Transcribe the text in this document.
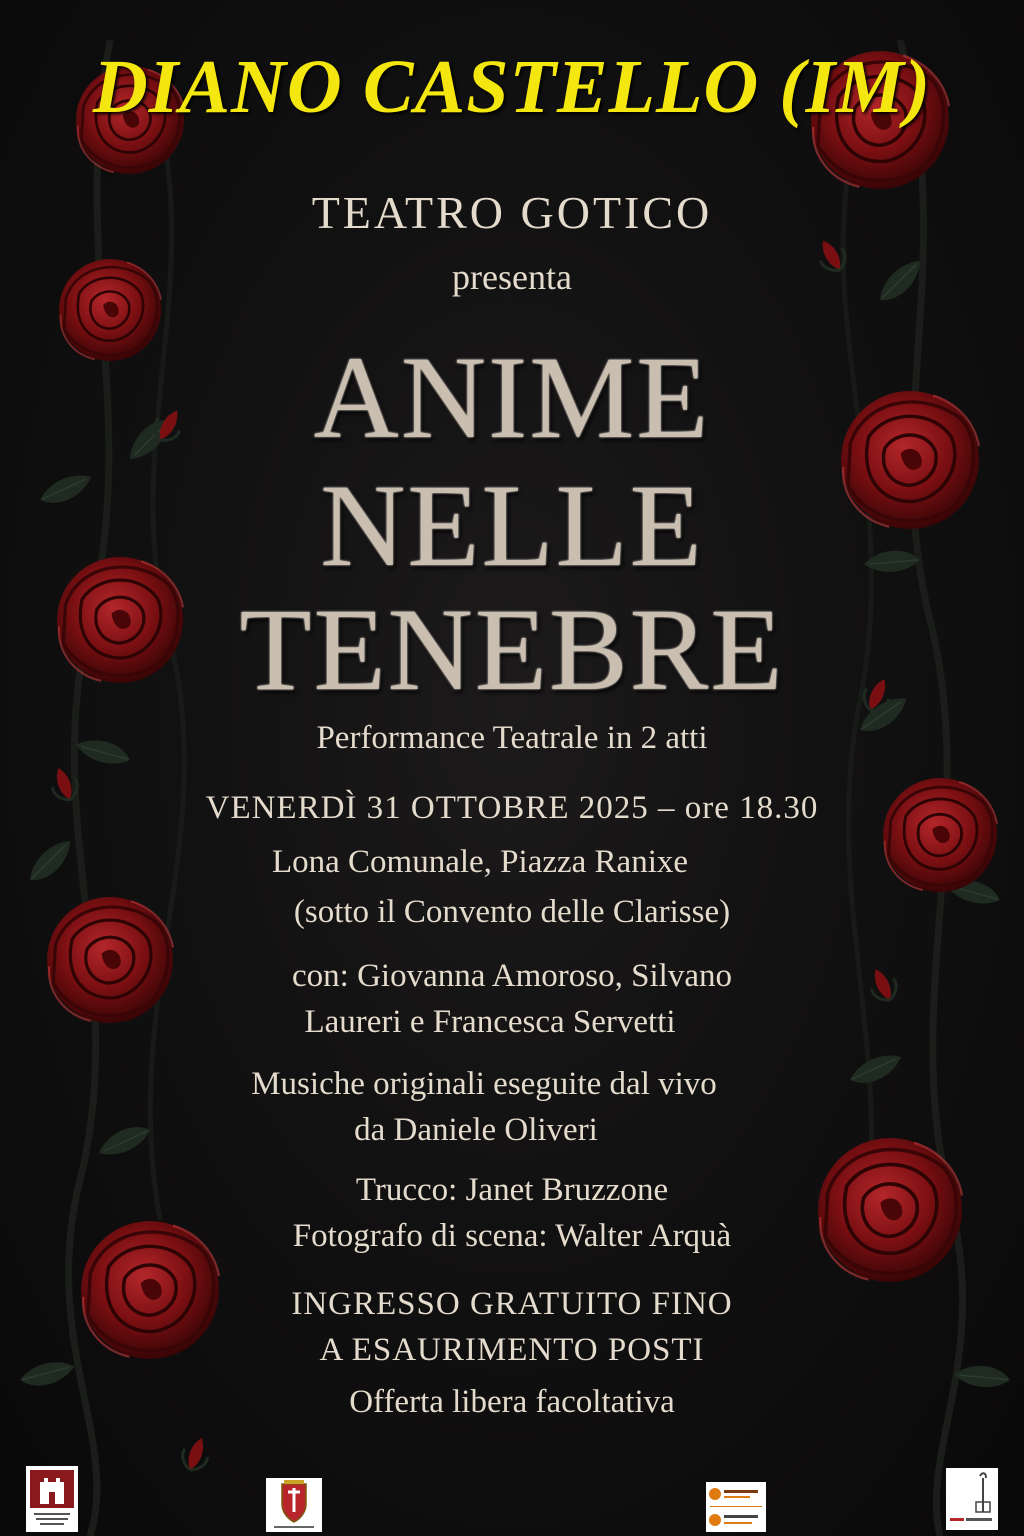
DIANO CASTELLO (IM)
TEATRO GOTICO
presenta
ANIME
NELLE
TENEBRE
Performance Teatrale in 2 atti
VENERDÌ 31 OTTOBRE 2025 – ore 18.30
Lona Comunale, Piazza Ranixe
(sotto il Convento delle Clarisse)
con: Giovanna Amoroso, Silvano
Laureri e Francesca Servetti
Musiche originali eseguite dal vivo
da Daniele Oliveri
Trucco: Janet Bruzzone
Fotografo di scena: Walter Arquà
INGRESSO GRATUITO FINO
A ESAURIMENTO POSTI
Offerta libera facoltativa
